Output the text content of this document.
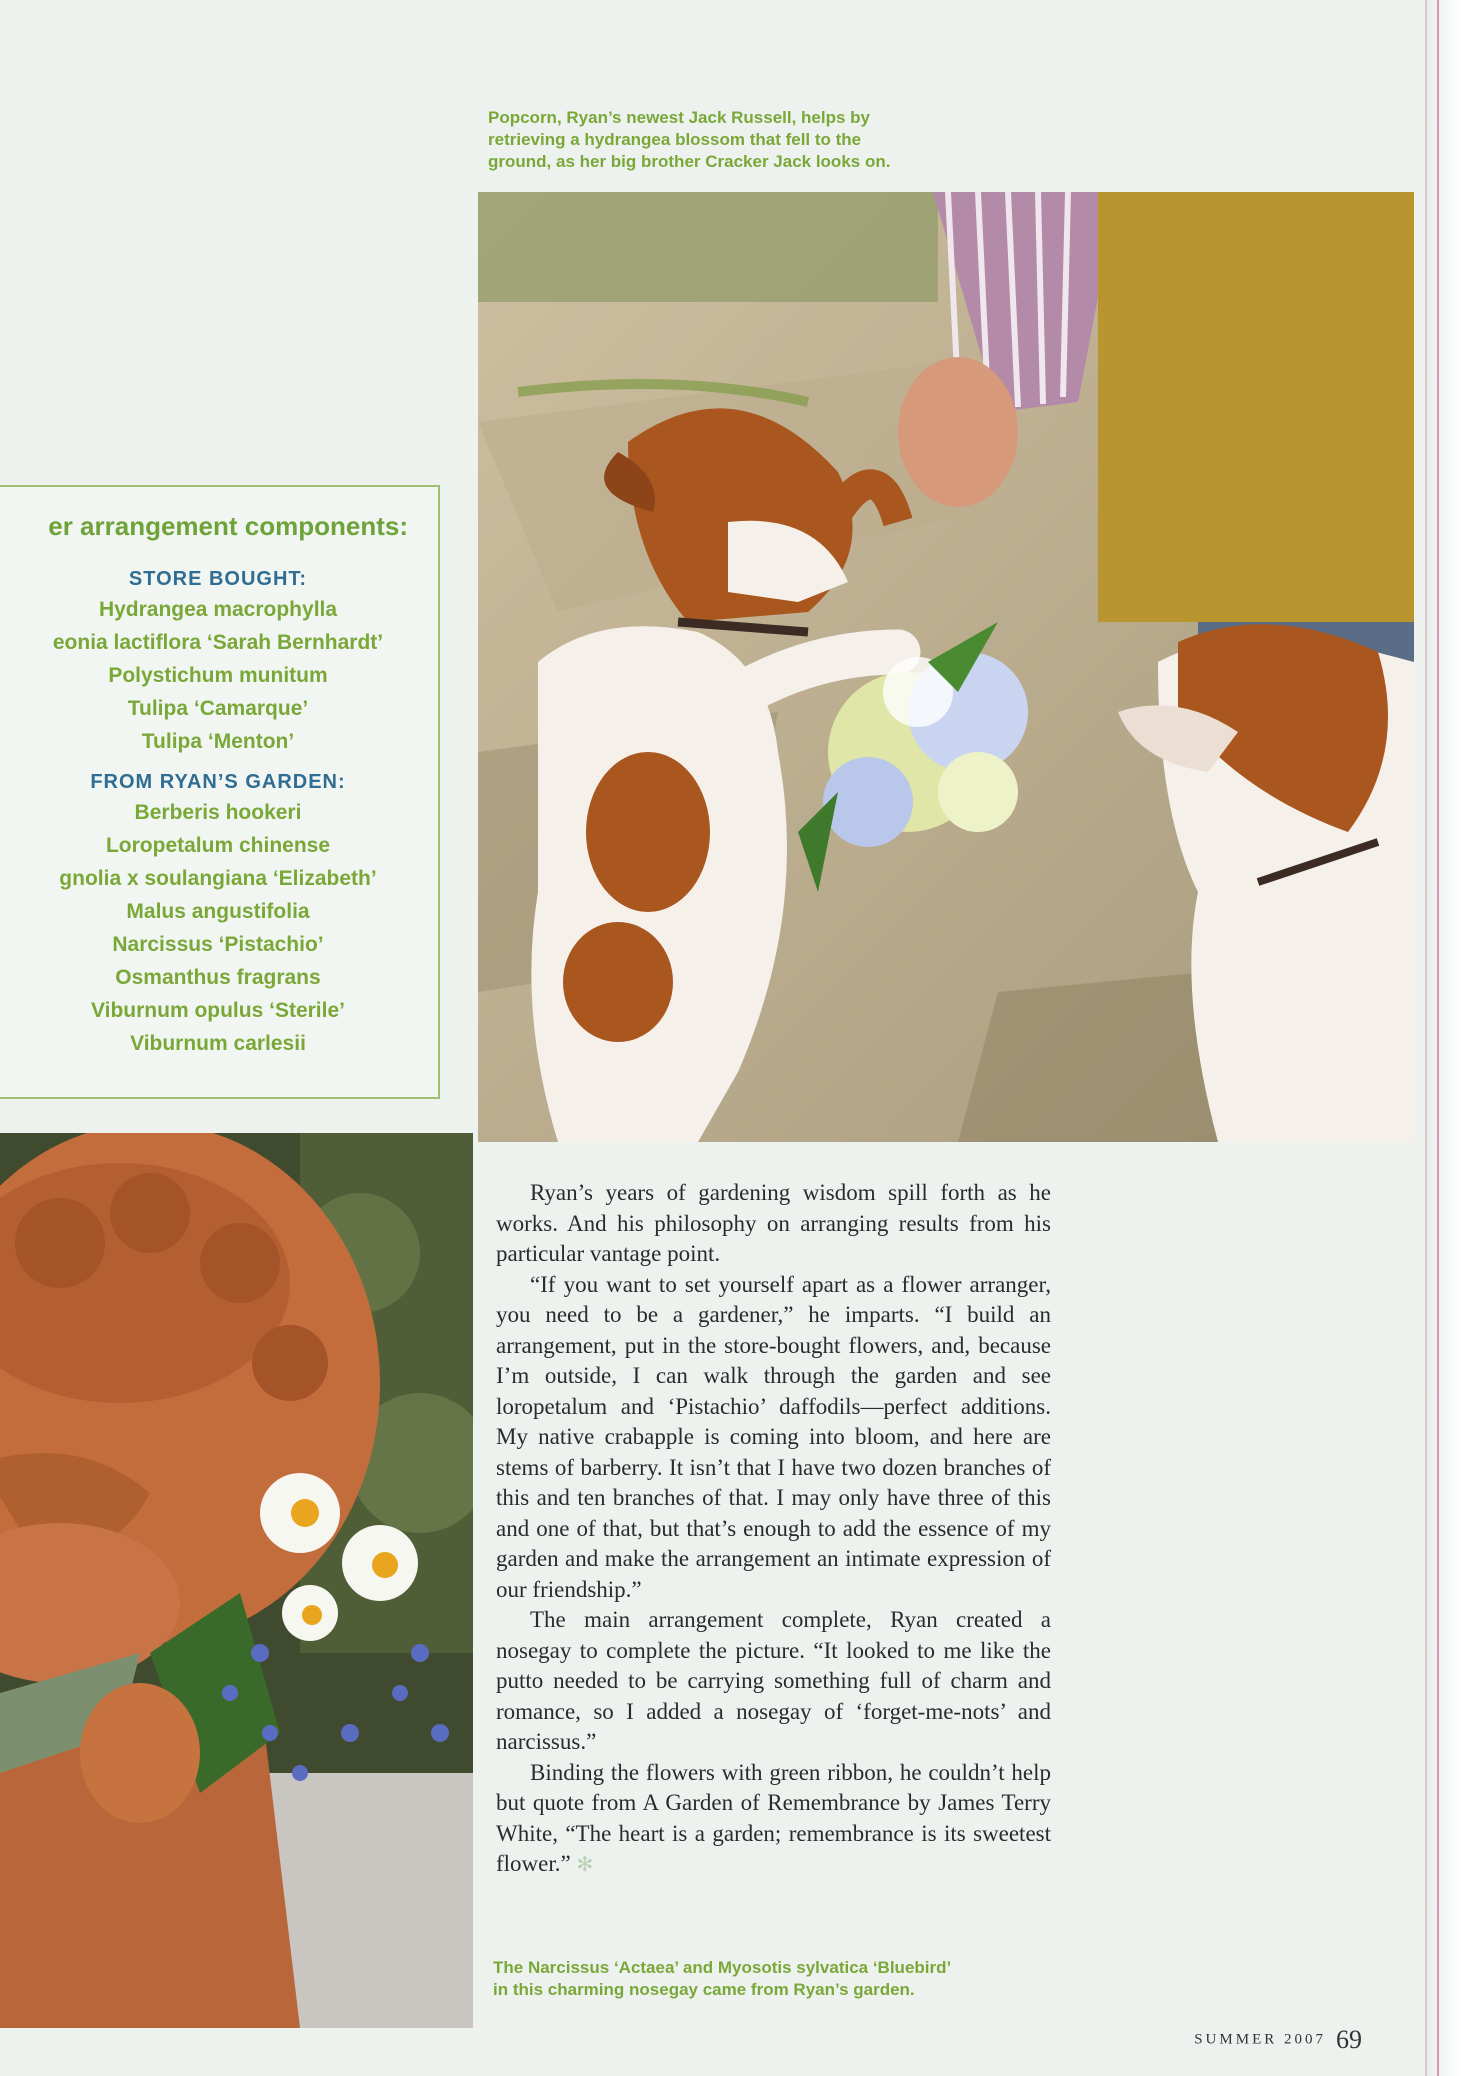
Popcorn, Ryan’s newest Jack Russell, helps by
retrieving a hydrangea blossom that fell to the
ground, as her big brother Cracker Jack looks on.
er arrangement components:
STORE BOUGHT:

Hydrangea macrophylla

eonia lactiflora ‘Sarah Bernhardt’

Polystichum munitum

Tulipa ‘Camarque’

Tulipa ‘Menton’

FROM RYAN’S GARDEN:

Berberis hookeri

Loropetalum chinense

gnolia x soulangiana ‘Elizabeth’

Malus angustifolia

Narcissus ‘Pistachio’

Osmanthus fragrans

Viburnum opulus ‘Sterile’

Viburnum carlesii

Ryan’s years of gardening wisdom spill forth as he works. And his philosophy on arranging results from his particular vantage point.

“If you want to set yourself apart as a flower arranger, you need to be a gardener,” he imparts. “I build an arrangement, put in the store-bought flowers, and, because I’m outside, I can walk through the garden and see loropetalum and ‘Pistachio’ daffodils—perfect additions. My native crabapple is coming into bloom, and here are stems of barberry. It isn’t that I have two dozen branches of this and ten branches of that. I may only have three of this and one of that, but that’s enough to add the essence of my garden and make the arrangement an intimate expression of our friendship.”

The main arrangement complete, Ryan created a nosegay to complete the picture. “It looked to me like the putto needed to be carrying something full of charm and romance, so I added a nosegay of ‘forget-me-nots’ and narcissus.”

Binding the flowers with green ribbon, he couldn’t help but quote from A Garden of Remembrance by James Terry White, “The heart is a garden; remembrance is its sweetest flower.” ✻

The Narcissus ‘Actaea’ and Myosotis sylvatica ‘Bluebird’
in this charming nosegay came from Ryan’s garden.
SUMMER 2007 69
